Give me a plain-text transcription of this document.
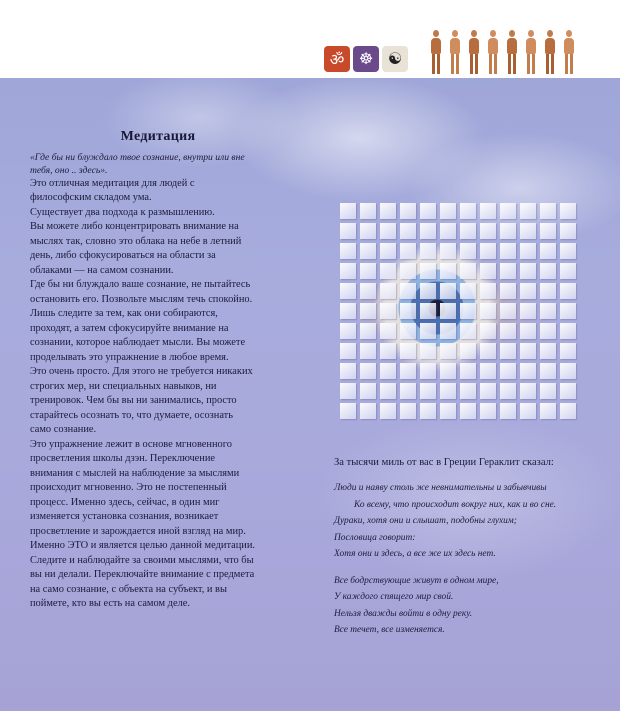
ॐ ☸ ☯
Медитация

«Где бы ни блуждало твое сознание, внутри или вне тебя, оно .. здесь».

Это отличная медитация для людей с философским складом ума.

Существует два подхода к размышлению.

Вы можете либо концентрировать внимание на мыслях так, словно это облака на небе в летний день, либо сфокусироваться на области за облаками — на самом сознании.

Где бы ни блуждало ваше сознание, не пытайтесь остановить его. Позвольте мыслям течь спокойно. Лишь следите за тем, как они собираются, проходят, а затем сфокусируйте внимание на сознании, которое наблюдает мысли. Вы можете проделывать это упражнение в любое время.

Это очень просто. Для этого не требуется никаких строгих мер, ни специальных навыков, ни тренировок. Чем бы вы ни занимались, просто старайтесь осознать то, что думаете, осознать само сознание.

Это упражнение лежит в основе мгновенного просветления школы дзэн. Переключение внимания с мыслей на наблюдение за мыслями происходит мгновенно. Это не постепенный процесс. Именно здесь, сейчас, в один миг изменяется установка сознания, возникает просветление и зарождается иной взгляд на мир. Именно ЭТО и является целью данной медитации. Следите и наблюдайте за своими мыслями, что бы вы ни делали. Переключайте внимание с предмета на само сознание, с объекта на субъект, и вы поймете, кто вы есть на самом деле.

За тысячи миль от вас в Греции Гераклит сказал:

Люди и наяву столь же невнимательны и забывчивы

Ко всему, что происходит вокруг них, как и во сне.

Дураки, хотя они и слышат, подобны глухим;

Пословица говорит:

Хотя они и здесь, а все же их здесь нет.

Все бодрствующие живут в одном мире,

У каждого спящего мир свой.

Нельзя дважды войти в одну реку.

Все течет, все изменяется.
